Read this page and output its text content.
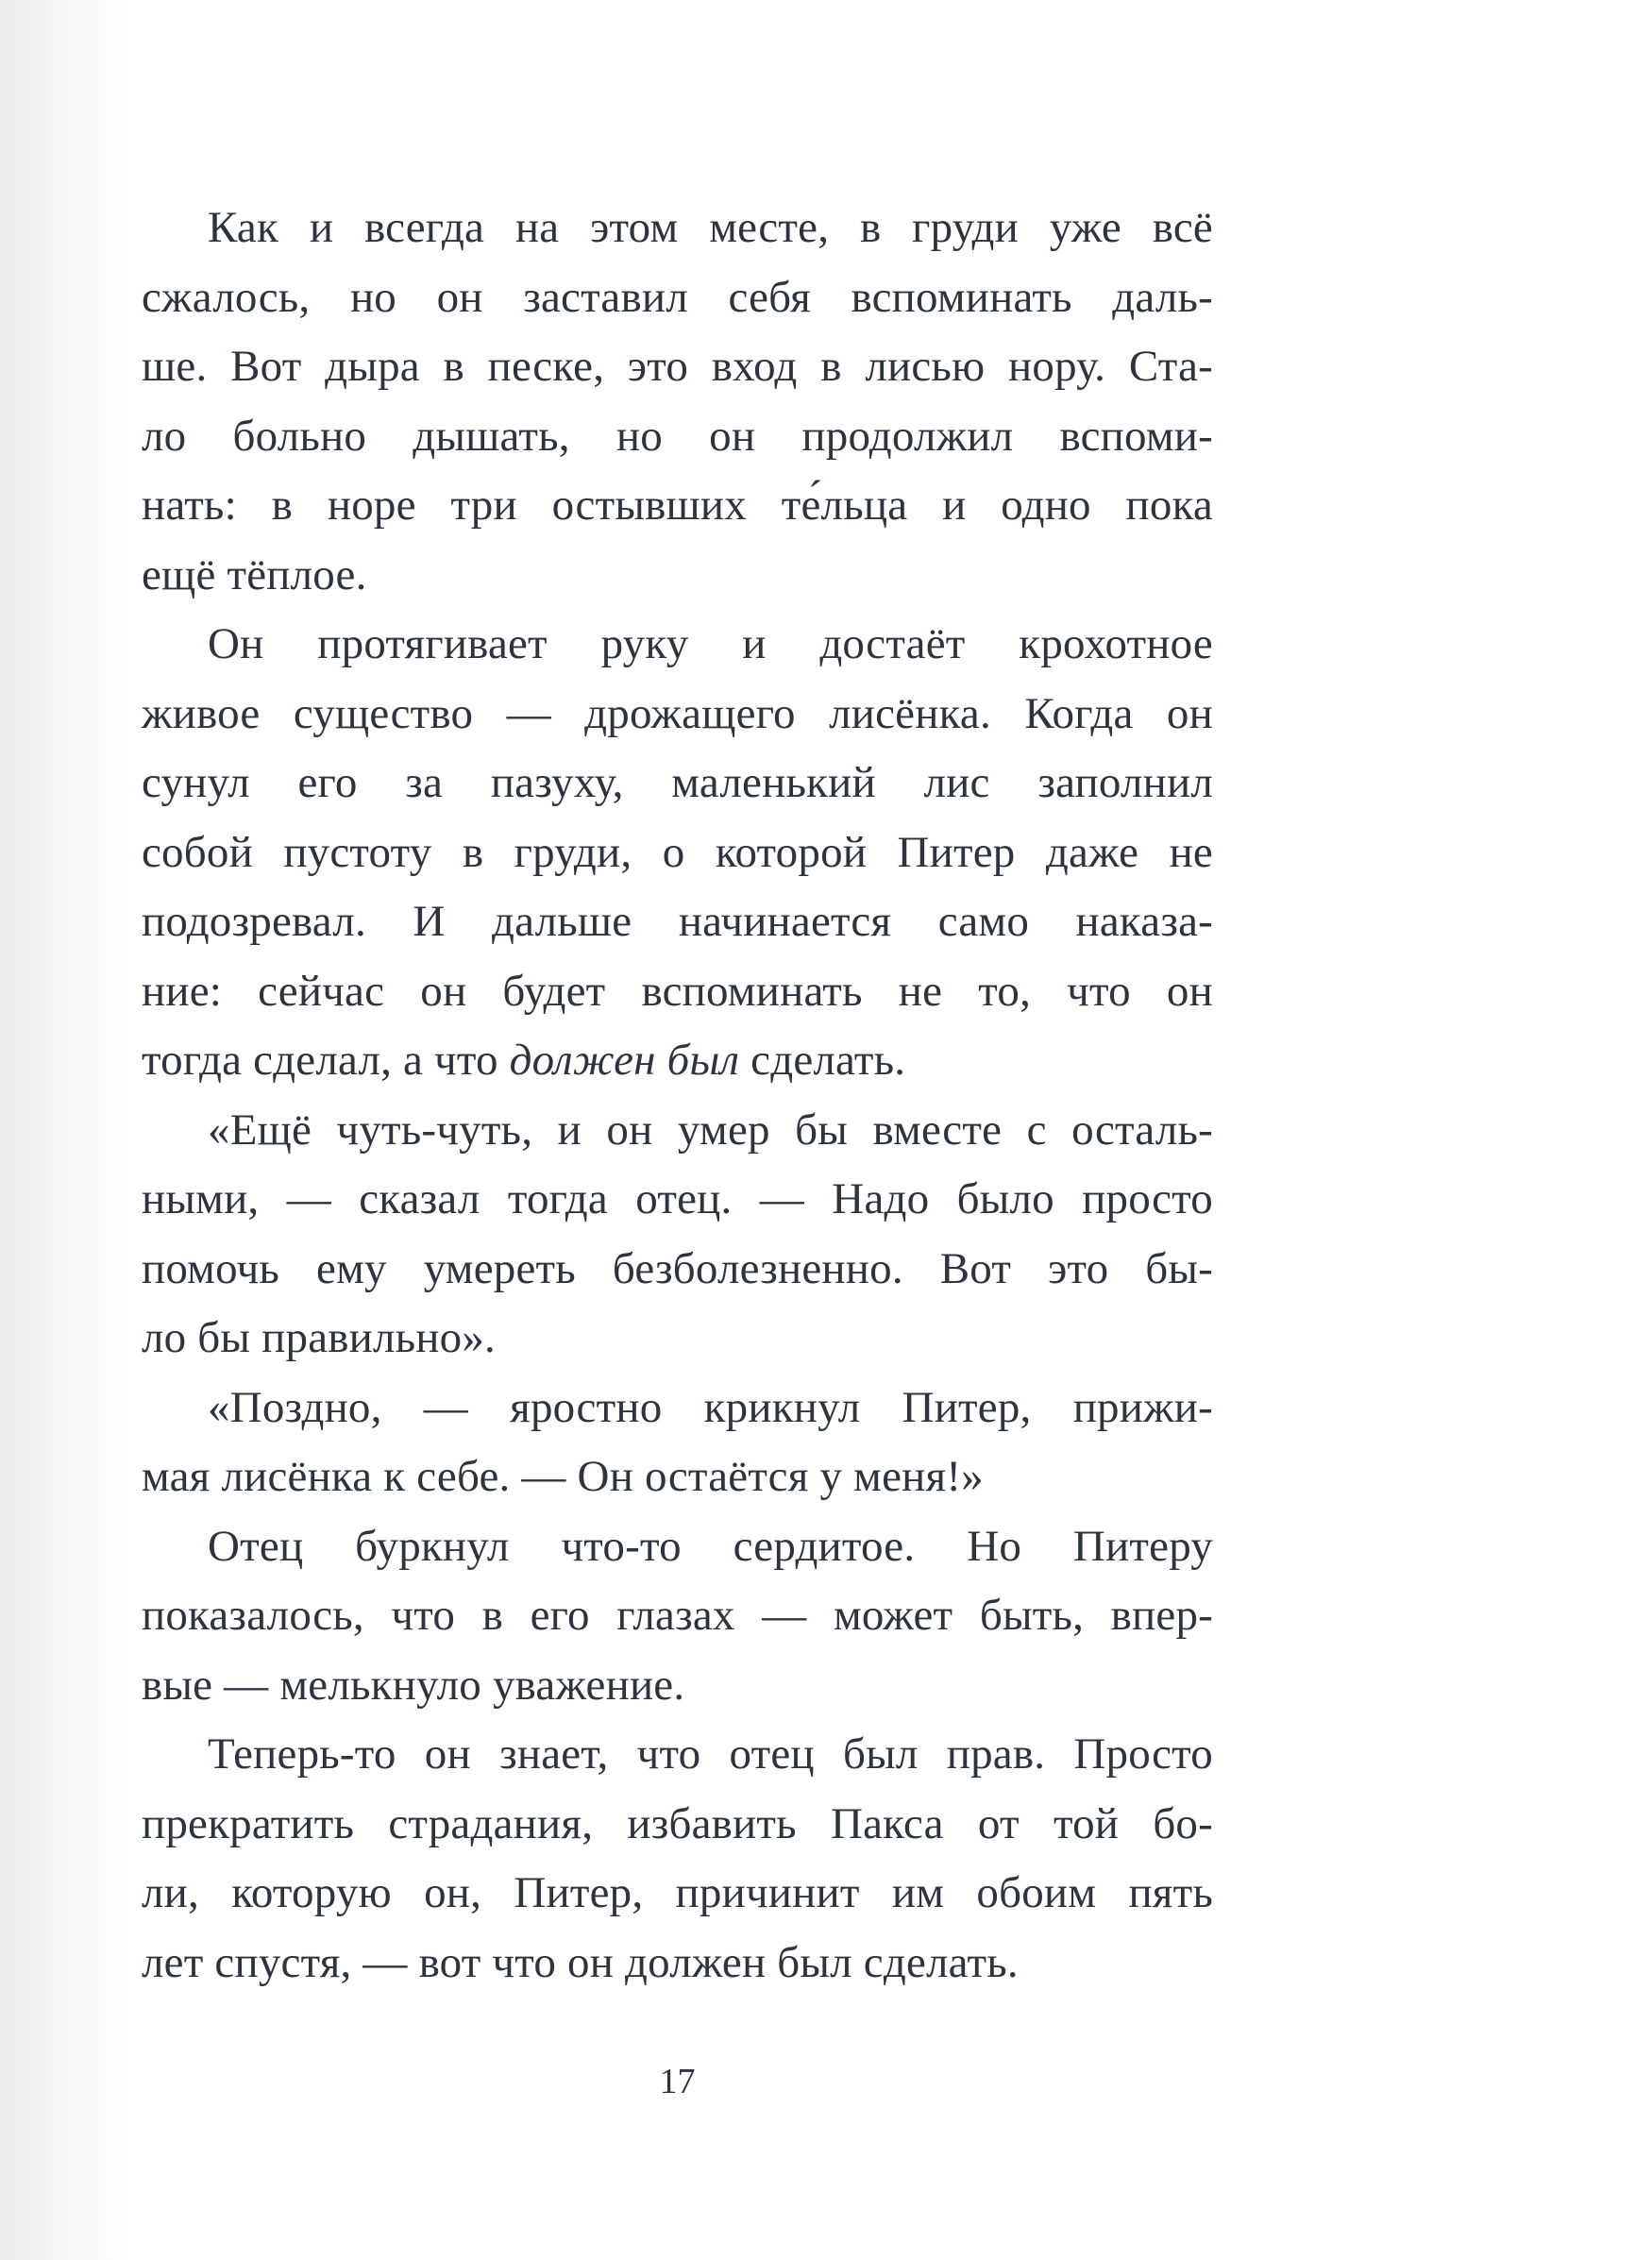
Как и всегда на этом месте, в груди уже всё
сжалось, но он заставил себя вспоминать даль-
ше. Вот дыра в песке, это вход в лисью нору. Ста-
ло больно дышать, но он продолжил вспоми-
нать: в норе три остывших те́льца и одно пока
ещё тёплое.
Он протягивает руку и достаёт крохотное
живое существо — дрожащего лисёнка. Когда он
сунул его за пазуху, маленький лис заполнил
собой пустоту в груди, о которой Питер даже не
подозревал. И дальше начинается само наказа-
ние: сейчас он будет вспоминать не то, что он
тогда сделал, а что должен был сделать.
«Ещё чуть-чуть, и он умер бы вместе с осталь-
ными, — сказал тогда отец. — Надо было просто
помочь ему умереть безболезненно. Вот это бы-
ло бы правильно».
«Поздно, — яростно крикнул Питер, прижи-
мая лисёнка к себе. — Он остаётся у меня!»
Отец буркнул что-то сердитое. Но Питеру
показалось, что в его глазах — может быть, впер-
вые — мелькнуло уважение.
Теперь-то он знает, что отец был прав. Просто
прекратить страдания, избавить Пакса от той бо-
ли, которую он, Питер, причинит им обоим пять
лет спустя, — вот что он должен был сделать.
17
